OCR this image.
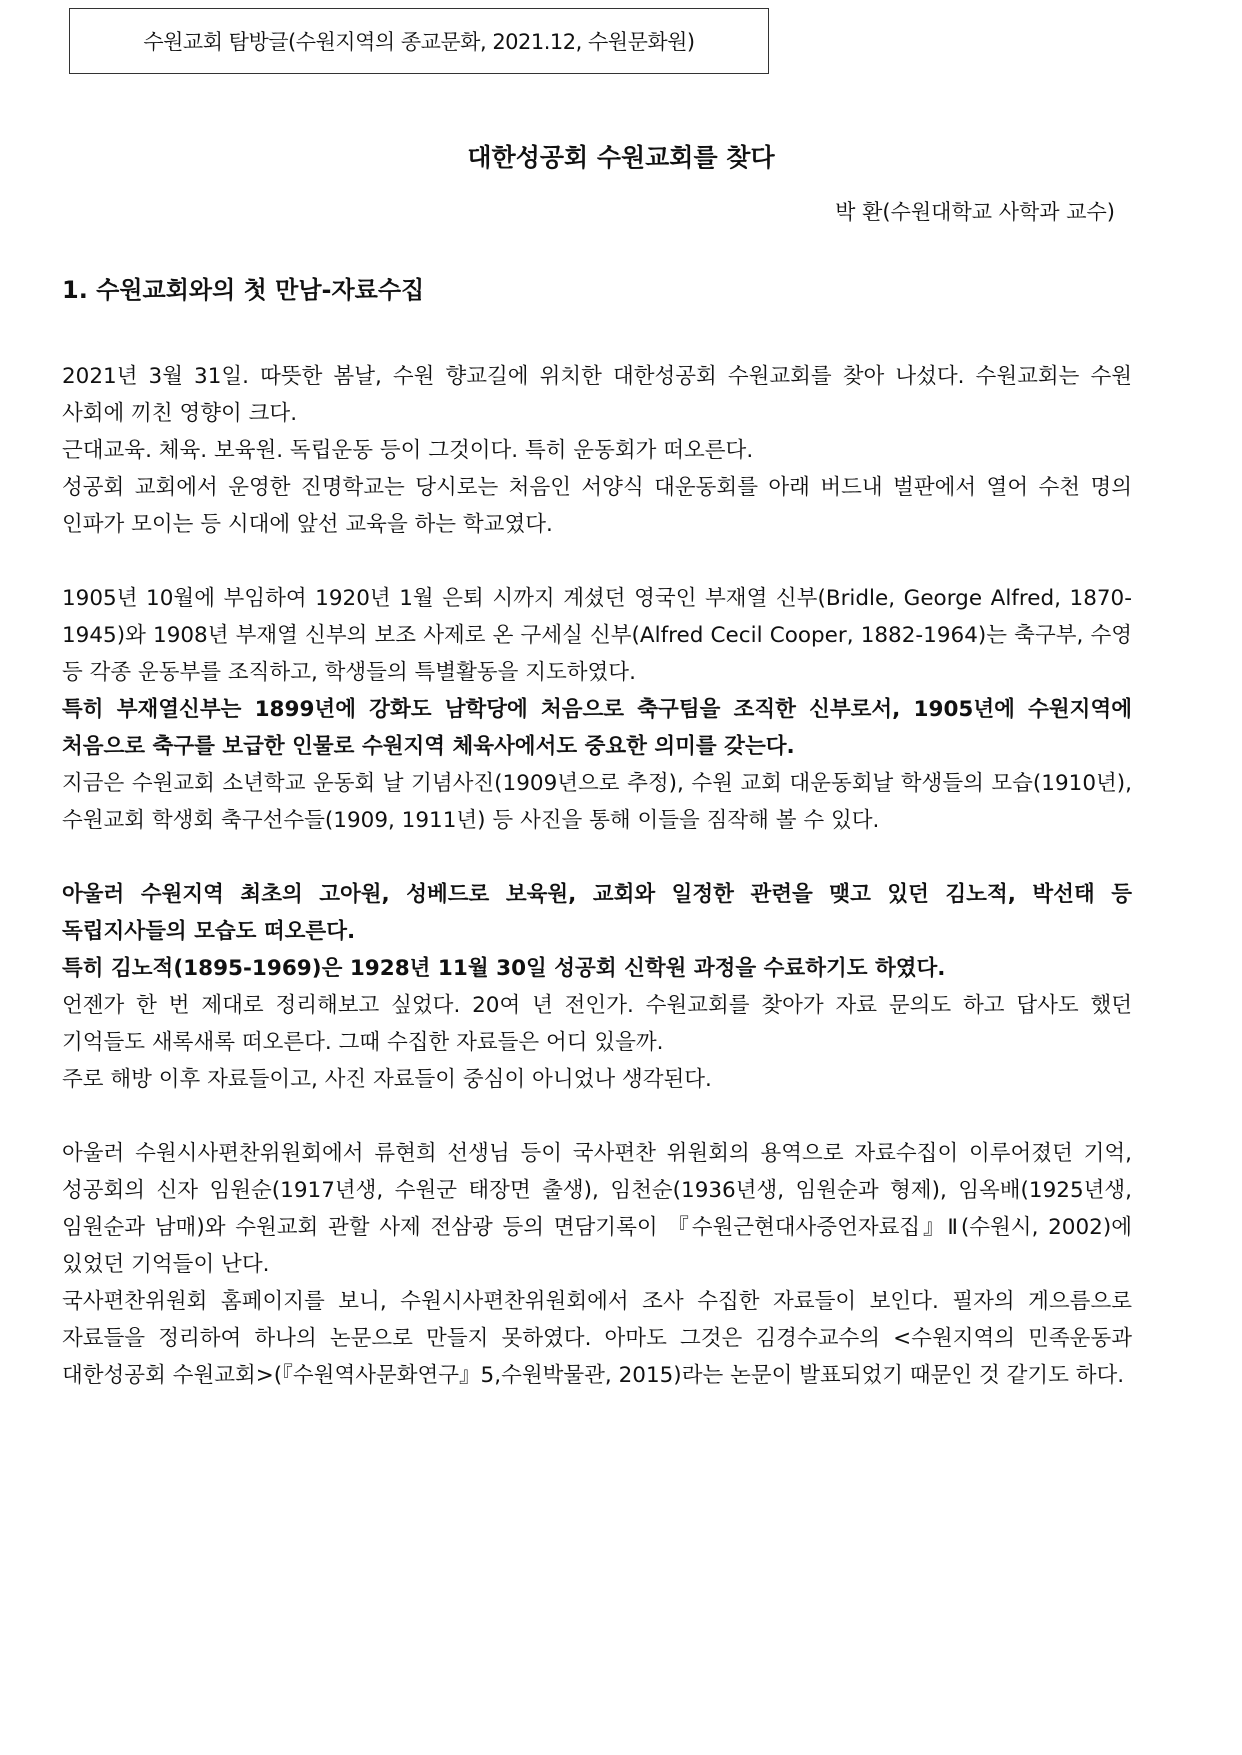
수원교회 탐방글(수원지역의 종교문화, 2021.12, 수원문화원)
대한성공회 수원교회를 찾다
박 환(수원대학교 사학과 교수)
1. 수원교회와의 첫 만남-자료수집

2021년 3월 31일. 따뜻한 봄날, 수원 향교길에 위치한 대한성공회 수원교회를 찾아 나섰다. 수원교회는 수원 사회에 끼친 영향이 크다.

근대교육. 체육. 보육원. 독립운동 등이 그것이다. 특히 운동회가 떠오른다.

성공회 교회에서 운영한 진명학교는 당시로는 처음인 서양식 대운동회를 아래 버드내 벌판에서 열어 수천 명의 인파가 모이는 등 시대에 앞선 교육을 하는 학교였다.

1905년 10월에 부임하여 1920년 1월 은퇴 시까지 계셨던 영국인 부재열 신부(Bridle, George Alfred, 1870-1945)와 1908년 부재열 신부의 보조 사제로 온 구세실 신부(Alfred Cecil Cooper, 1882-1964)는 축구부, 수영 등 각종 운동부를 조직하고, 학생들의 특별활동을 지도하였다.

특히 부재열신부는 1899년에 강화도 남학당에 처음으로 축구팀을 조직한 신부로서, 1905년에 수원지역에 처음으로 축구를 보급한 인물로 수원지역 체육사에서도 중요한 의미를 갖는다.

지금은 수원교회 소년학교 운동회 날 기념사진(1909년으로 추정), 수원 교회 대운동회날 학생들의 모습(1910년), 수원교회 학생회 축구선수들(1909, 1911년) 등 사진을 통해 이들을 짐작해 볼 수 있다.

아울러 수원지역 최초의 고아원, 성베드로 보육원, 교회와 일정한 관련을 맺고 있던 김노적, 박선태 등 독립지사들의 모습도 떠오른다.

특히 김노적(1895-1969)은 1928년 11월 30일 성공회 신학원 과정을 수료하기도 하였다.

언젠가 한 번 제대로 정리해보고 싶었다. 20여 년 전인가. 수원교회를 찾아가 자료 문의도 하고 답사도 했던 기억들도 새록새록 떠오른다. 그때 수집한 자료들은 어디 있을까.

주로 해방 이후 자료들이고, 사진 자료들이 중심이 아니었나 생각된다.

아울러 수원시사편찬위원회에서 류현희 선생님 등이 국사편찬 위원회의 용역으로 자료수집이 이루어졌던 기억, 성공회의 신자 임원순(1917년생, 수원군 태장면 출생), 임천순(1936년생, 임원순과 형제), 임옥배(1925년생, 임원순과 남매)와 수원교회 관할 사제 전삼광 등의 면담기록이 『수원근현대사증언자료집』Ⅱ(수원시, 2002)에 있었던 기억들이 난다.

국사편찬위원회 홈페이지를 보니, 수원시사편찬위원회에서 조사 수집한 자료들이 보인다. 필자의 게으름으로 자료들을 정리하여 하나의 논문으로 만들지 못하였다. 아마도 그것은 김경수교수의 <수원지역의 민족운동과 대한성공회 수원교회>(『수원역사문화연구』5,수원박물관, 2015)라는 논문이 발표되었기 때문인 것 같기도 하다.
